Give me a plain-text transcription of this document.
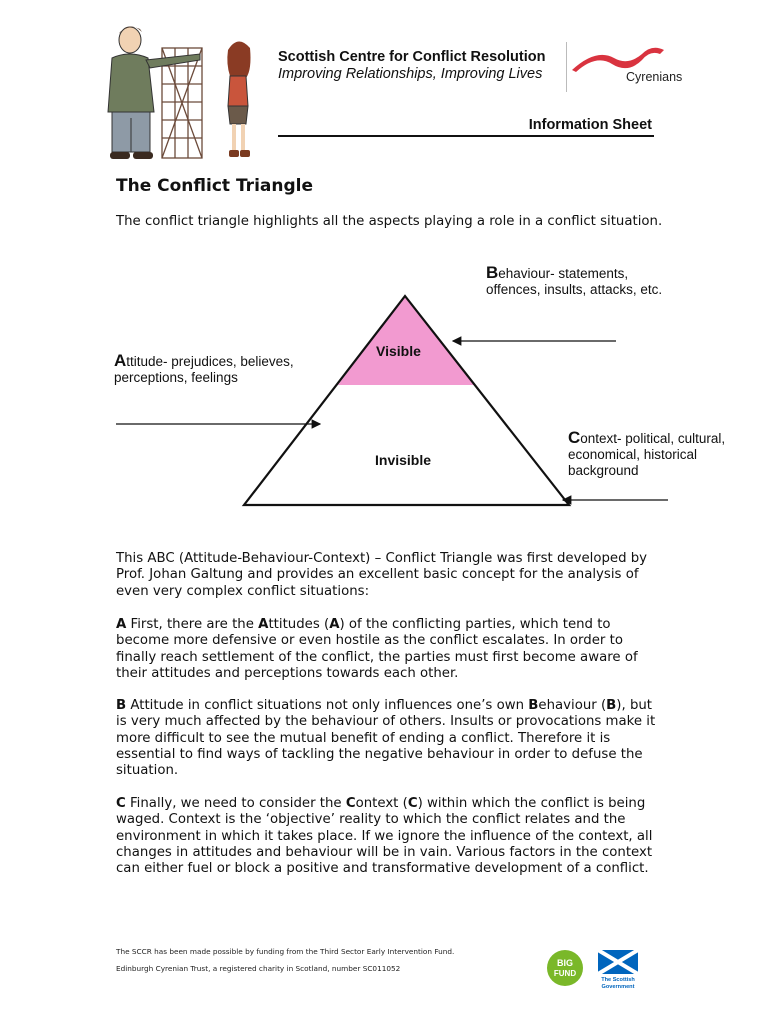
Scottish Centre for Conflict Resolution
Improving Relationships, Improving Lives	Cyrenians
Information Sheet
The Conflict Triangle
The conflict triangle highlights all the aspects playing a role in a conflict situation.
Behaviour- statements, offences, insults, attacks, etc.
Attitude- prejudices, believes, perceptions, feelings
Context- political, cultural, economical, historical background
Visible
Invisible

This ABC (Attitude-Behaviour-Context) – Conflict Triangle was first developed by Prof. Johan Galtung and provides an excellent basic concept for the analysis of even very complex conflict situations:

A First, there are the Attitudes (A) of the conflicting parties, which tend to become more defensive or even hostile as the conflict escalates. In order to finally reach settlement of the conflict, the parties must first become aware of their attitudes and perceptions towards each other.

B Attitude in conflict situations not only influences one’s own Behaviour (B), but is very much affected by the behaviour of others. Insults or provocations make it more difficult to see the mutual benefit of ending a conflict. Therefore it is essential to find ways of tackling the negative behaviour in order to defuse the situation.

C Finally, we need to consider the Context (C) within which the conflict is being waged. Context is the ‘objective’ reality to which the conflict relates and the environment in which it takes place. If we ignore the influence of the context, all changes in attitudes and behaviour will be in vain. Various factors in the context can either fuel or block a positive and transformative development of a conflict.

The SCCR has been made possible by funding from the Third Sector Early Intervention Fund.
Edinburgh Cyrenian Trust, a registered charity in Scotland, number SC011052
BIG
FUND
The Scottish
Government
